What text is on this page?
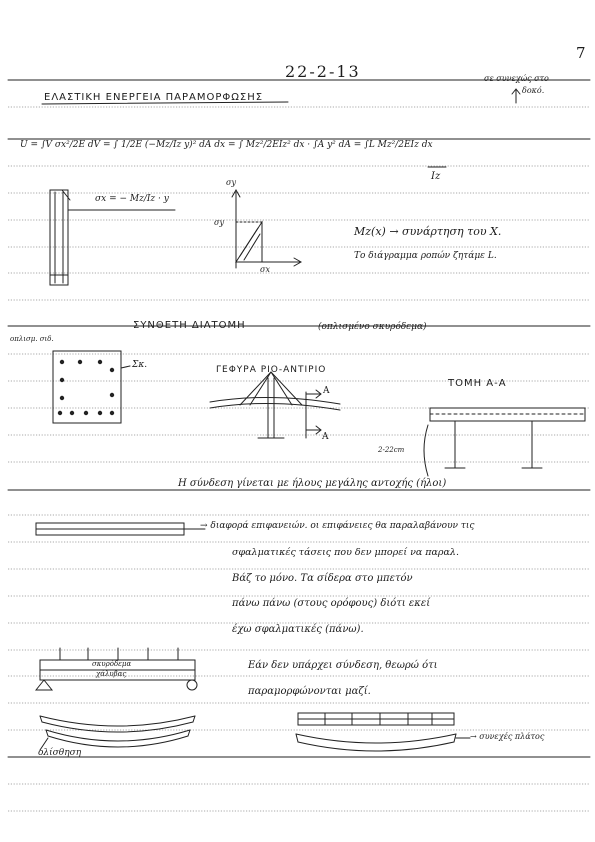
7
22-2-13	σε συνεχώς στο
δοκό.
ΕΛΑΣΤΙΚΗ ΕΝΕΡΓΕΙΑ ΠΑΡΑΜΟΡΦΩΣΗΣ
U = ∫V σx²/2E dV = ∫ 1/2E (−Mz/Iz y)² dA dx = ∫ Mz²/2EIz² dx · ∫A y² dA = ∫L Mz²/2EIz dx
Iz
σx = − Mz/Iz · y
σy
σy
σx
Mz(x) → συνάρτηση του X.
Το διάγραμμα ροπών ζητάμε L.
ΣΥΝΘΕΤΗ ΔΙΑΤΟΜΗ	(οπλισμένο σκυρόδεμα)
οπλισμ. σιδ.
Σκ.	ΓΕΦΥΡΑ ΡΙΟ-ΑΝΤΙΡΙΟ
ΤΟΜΗ Α-Α
A
A
2-22cm
Η σύνδεση γίνεται με ήλους μεγάλης αντοχής (ήλοι)
→ διαφορά επιφανειών. οι επιφάνειες θα παραλαβάνουν τις
σφαλματικές τάσεις που δεν μπορεί να παραλ.
Βάζ το μόνο. Τα σίδερα στο μπετόν
πάνω πάνω (στους ορόφους) διότι εκεί
έχω σφαλματικές (πάνω).
σκυρόδεμα
χάλυβας
Εάν δεν υπάρχει σύνδεση, θεωρώ ότι
παραμορφώνονται μαζί.
ολίσθηση
→ συνεχές πλάτος
